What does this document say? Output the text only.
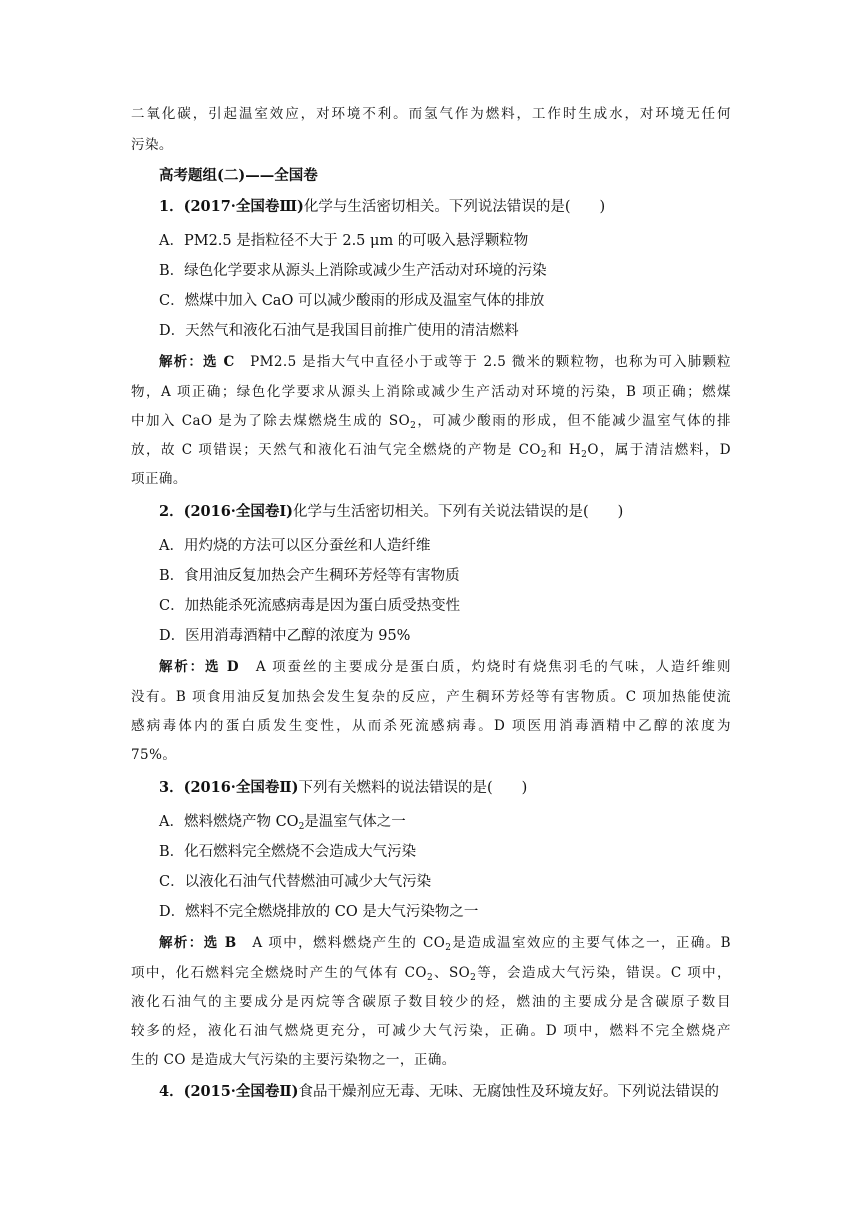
二氧化碳，引起温室效应，对环境不利。而氢气作为燃料，工作时生成水，对环境无任何
污染。
高考题组(二)——全国卷
1．(2017·全国卷Ⅲ)化学与生活密切相关。下列说法错误的是(　　)
A．PM2.5 是指粒径不大于 2.5 μm 的可吸入悬浮颗粒物
B．绿色化学要求从源头上消除或减少生产活动对环境的污染
C．燃煤中加入 CaO 可以减少酸雨的形成及温室气体的排放
D．天然气和液化石油气是我国目前推广使用的清洁燃料
解析：选 C　 PM2.5 是指大气中直径小于或等于 2.5 微米的颗粒物，也称为可入肺颗粒
物，A 项正确；绿色化学要求从源头上消除或减少生产活动对环境的污染，B 项正确；燃煤
中加入 CaO 是为了除去煤燃烧生成的 $SO_2$，可减少酸雨的形成，但不能减少温室气体的排
放，故 C 项错误；天然气和液化石油气完全燃烧的产物是 $CO_2$和 $H_2O$，属于清洁燃料，D
项正确。
2．(2016·全国卷Ⅰ)化学与生活密切相关。下列有关说法错误的是(　　)
A．用灼烧的方法可以区分蚕丝和人造纤维
B．食用油反复加热会产生稠环芳烃等有害物质
C．加热能杀死流感病毒是因为蛋白质受热变性
D．医用消毒酒精中乙醇的浓度为 95%
解析：选 D　 A 项蚕丝的主要成分是蛋白质，灼烧时有烧焦羽毛的气味，人造纤维则
没有。B 项食用油反复加热会发生复杂的反应，产生稠环芳烃等有害物质。C 项加热能使流
感病毒体内的蛋白质发生变性，从而杀死流感病毒。D 项医用消毒酒精中乙醇的浓度为
75%。
3．(2016·全国卷Ⅱ)下列有关燃料的说法错误的是(　　)
A．燃料燃烧产物 $CO_2$是温室气体之一
B．化石燃料完全燃烧不会造成大气污染
C．以液化石油气代替燃油可减少大气污染
D．燃料不完全燃烧排放的 CO 是大气污染物之一
解析：选 B　 A 项中，燃料燃烧产生的 $CO_2$是造成温室效应的主要气体之一，正确。B
项中，化石燃料完全燃烧时产生的气体有 $CO_2$、$SO_2$等，会造成大气污染，错误。C 项中，
液化石油气的主要成分是丙烷等含碳原子数目较少的烃，燃油的主要成分是含碳原子数目
较多的烃，液化石油气燃烧更充分，可减少大气污染，正确。D 项中，燃料不完全燃烧产
生的 CO 是造成大气污染的主要污染物之一，正确。
4．(2015·全国卷Ⅱ)食品干燥剂应无毒、无味、无腐蚀性及环境友好。下列说法错误的
